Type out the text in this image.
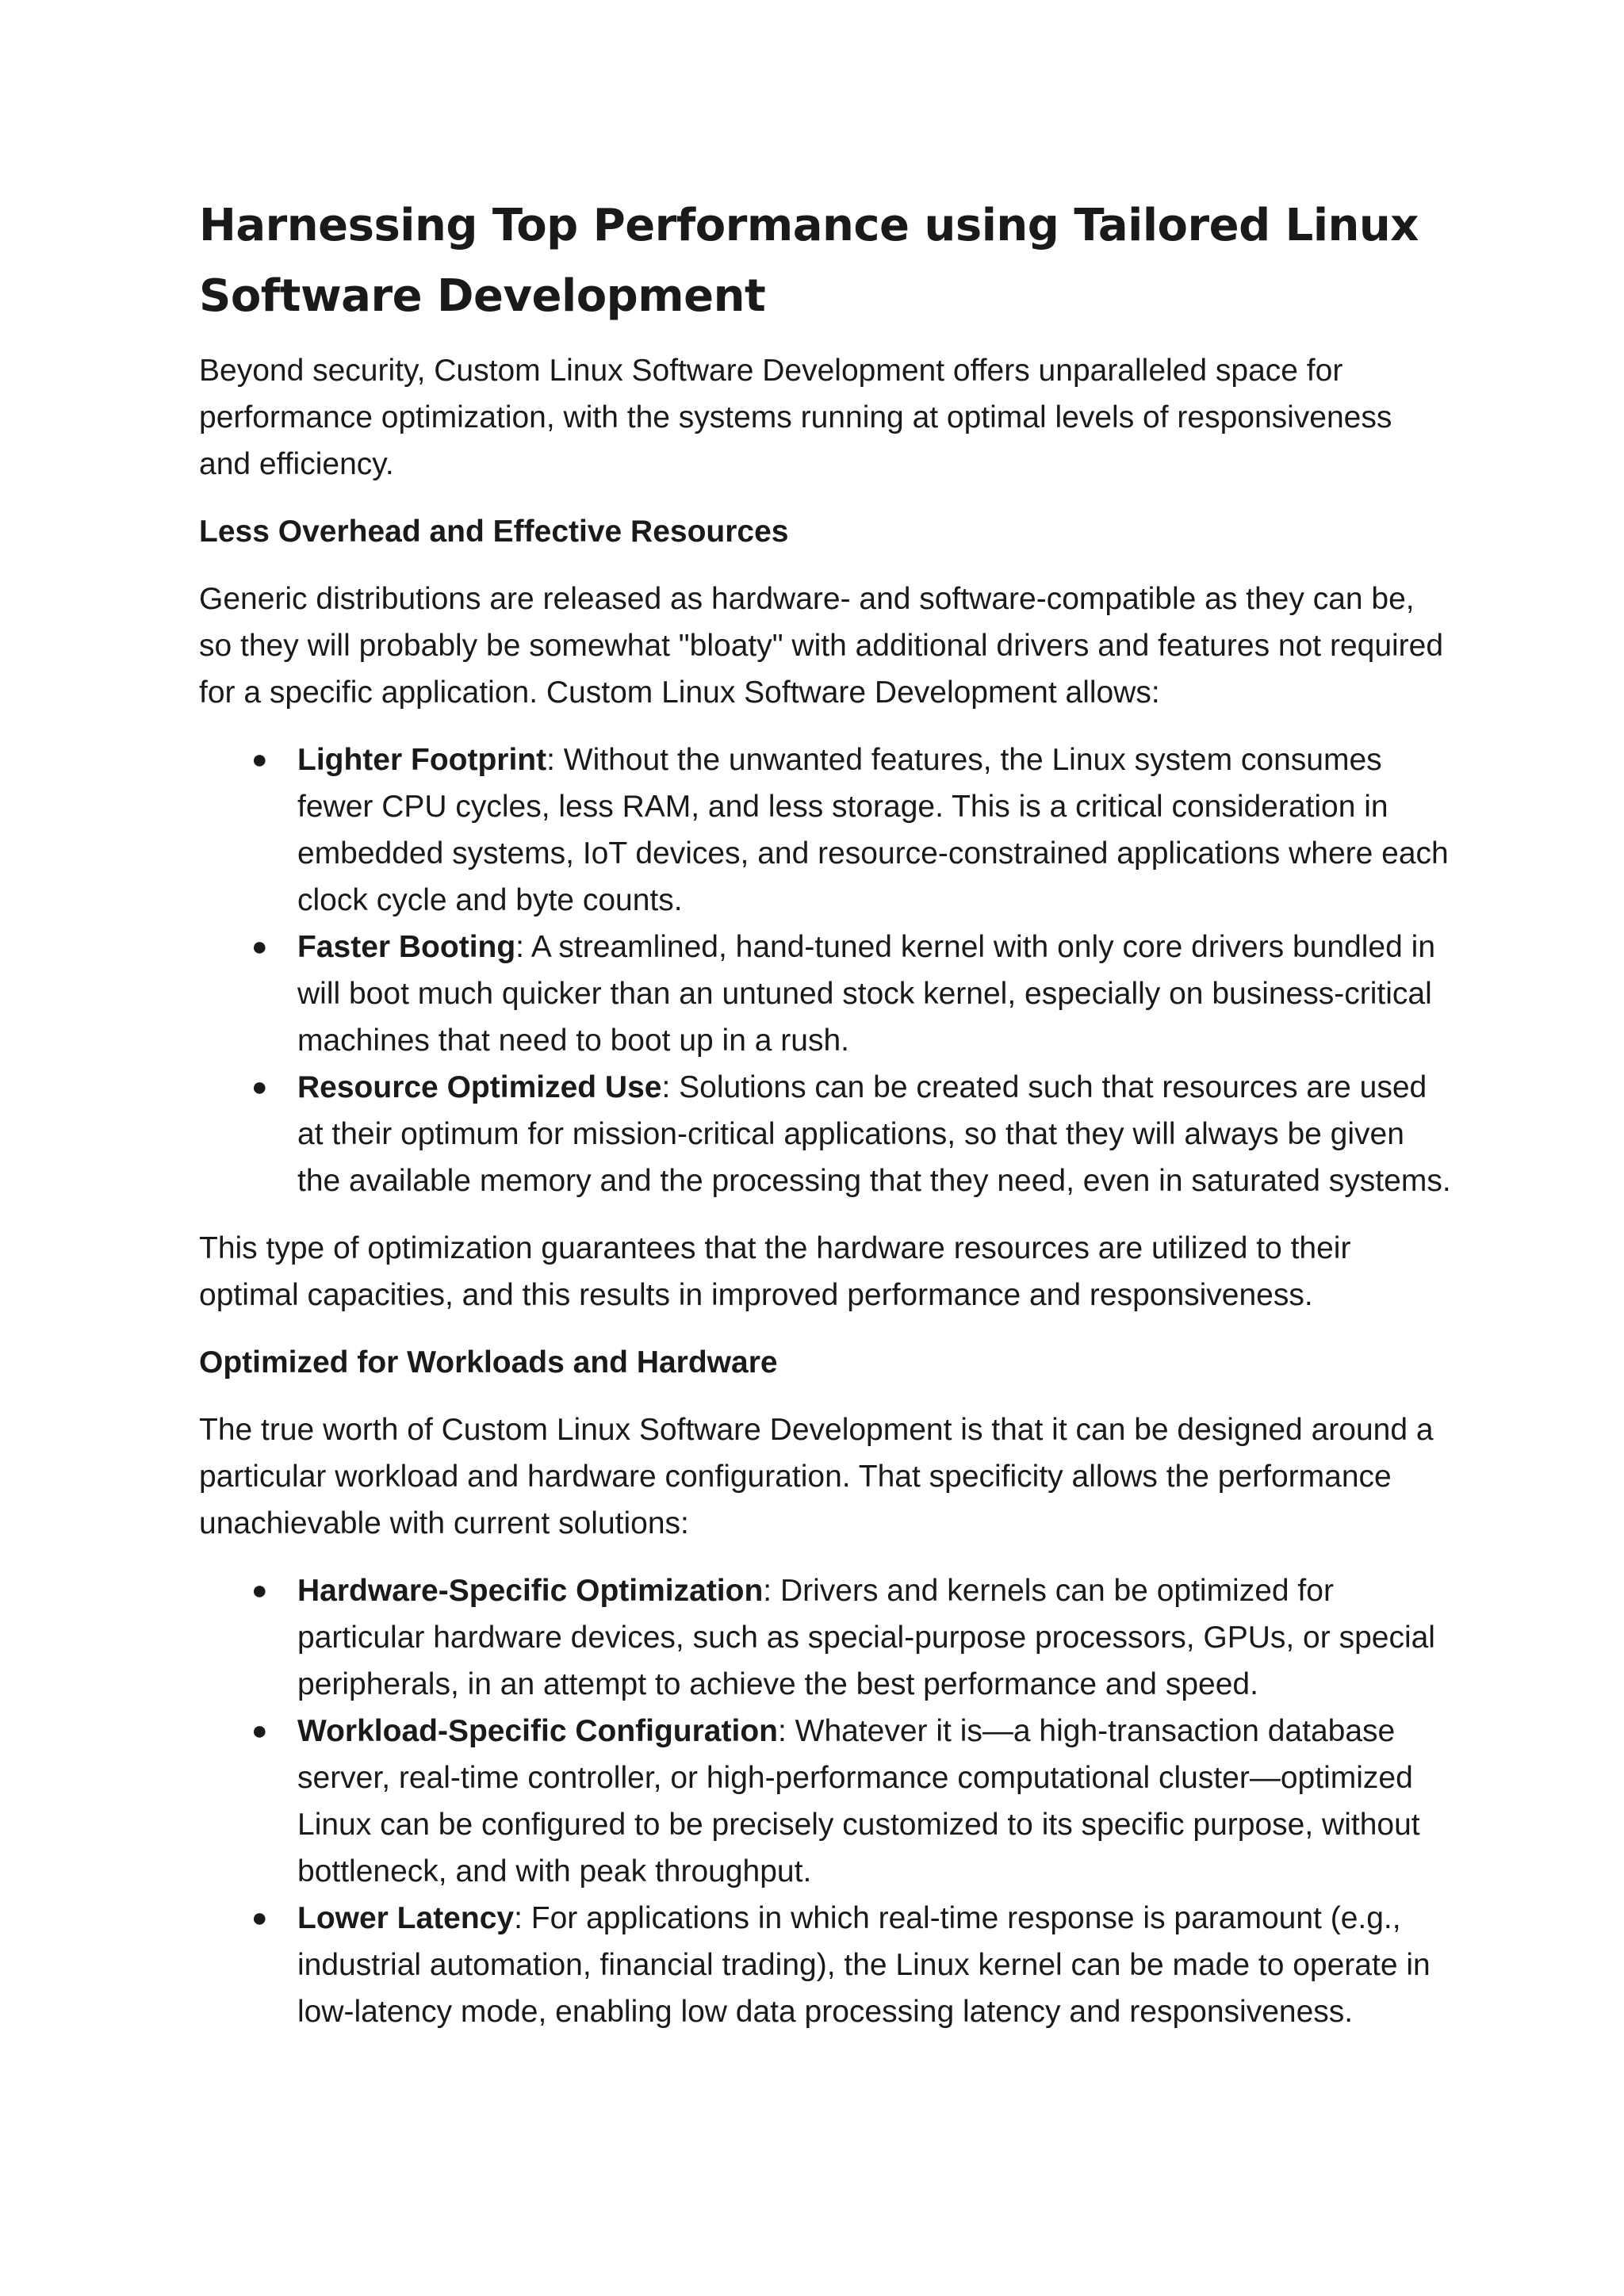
Harnessing Top Performance using Tailored Linux Software Development

Beyond security, Custom Linux Software Development offers unparalleled space for performance optimization, with the systems running at optimal levels of responsiveness and efficiency.

Less Overhead and Effective Resources

Generic distributions are released as hardware- and software-compatible as they can be, so they will probably be somewhat "bloaty" with additional drivers and features not required for a specific application. Custom Linux Software Development allows:

● Lighter Footprint: Without the unwanted features, the Linux system consumes fewer CPU cycles, less RAM, and less storage. This is a critical consideration in embedded systems, IoT devices, and resource-constrained applications where each clock cycle and byte counts.
● Faster Booting: A streamlined, hand-tuned kernel with only core drivers bundled in will boot much quicker than an untuned stock kernel, especially on business-critical machines that need to boot up in a rush.
● Resource Optimized Use: Solutions can be created such that resources are used at their optimum for mission-critical applications, so that they will always be given the available memory and the processing that they need, even in saturated systems.

This type of optimization guarantees that the hardware resources are utilized to their optimal capacities, and this results in improved performance and responsiveness.

Optimized for Workloads and Hardware

The true worth of Custom Linux Software Development is that it can be designed around a particular workload and hardware configuration. That specificity allows the performance unachievable with current solutions:

● Hardware-Specific Optimization: Drivers and kernels can be optimized for particular hardware devices, such as special-purpose processors, GPUs, or special peripherals, in an attempt to achieve the best performance and speed.
● Workload-Specific Configuration: Whatever it is—a high-transaction database server, real-time controller, or high-performance computational cluster—optimized Linux can be configured to be precisely customized to its specific purpose, without bottleneck, and with peak throughput.
● Lower Latency: For applications in which real-time response is paramount (e.g., industrial automation, financial trading), the Linux kernel can be made to operate in low-latency mode, enabling low data processing latency and responsiveness.
